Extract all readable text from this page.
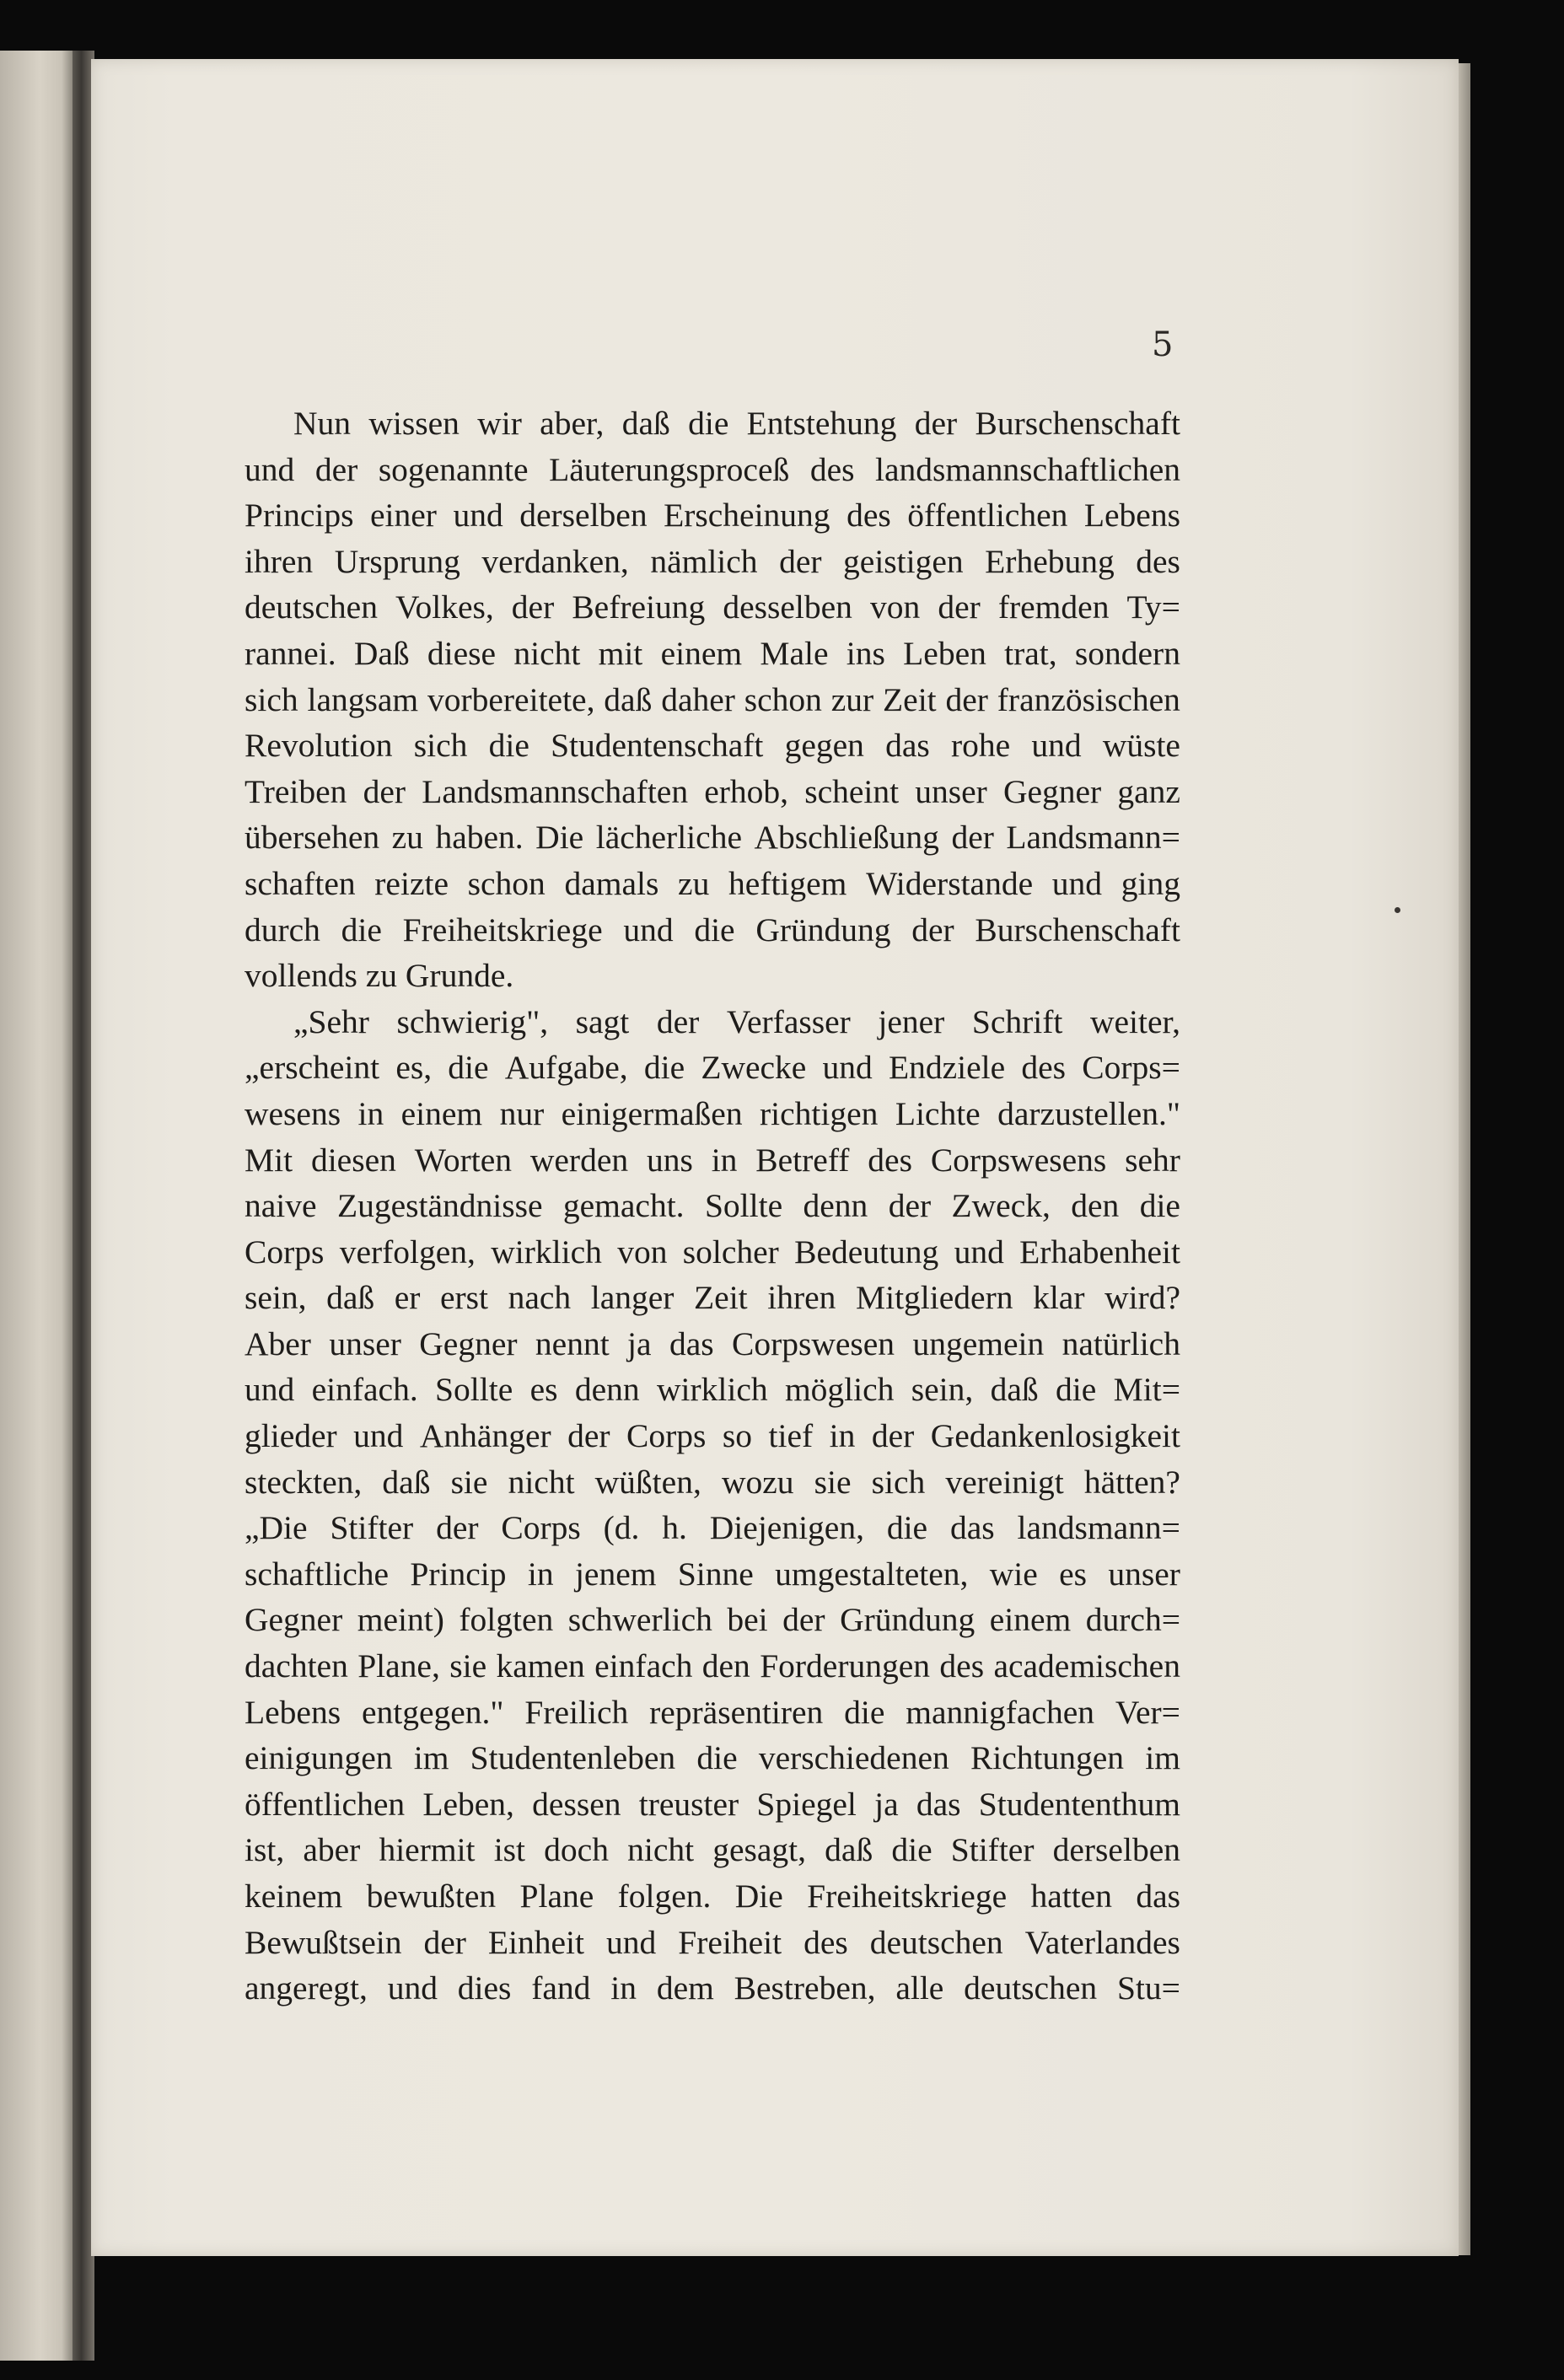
5
Nun wissen wir aber, daß die Entstehung der Burschenschaft
und der sogenannte Läuterungsproceß des landsmannschaftlichen
Princips einer und derselben Erscheinung des öffentlichen Lebens
ihren Ursprung verdanken, nämlich der geistigen Erhebung des
deutschen Volkes, der Befreiung desselben von der fremden Ty=
rannei. Daß diese nicht mit einem Male ins Leben trat, sondern
sich langsam vorbereitete, daß daher schon zur Zeit der französischen
Revolution sich die Studentenschaft gegen das rohe und wüste
Treiben der Landsmannschaften erhob, scheint unser Gegner ganz
übersehen zu haben. Die lächerliche Abschließung der Landsmann=
schaften reizte schon damals zu heftigem Widerstande und ging
durch die Freiheitskriege und die Gründung der Burschenschaft
vollends zu Grunde.
„Sehr schwierig", sagt der Verfasser jener Schrift weiter,
„erscheint es, die Aufgabe, die Zwecke und Endziele des Corps=
wesens in einem nur einigermaßen richtigen Lichte darzustellen."
Mit diesen Worten werden uns in Betreff des Corpswesens sehr
naive Zugeständnisse gemacht. Sollte denn der Zweck, den die
Corps verfolgen, wirklich von solcher Bedeutung und Erhabenheit
sein, daß er erst nach langer Zeit ihren Mitgliedern klar wird?
Aber unser Gegner nennt ja das Corpswesen ungemein natürlich
und einfach. Sollte es denn wirklich möglich sein, daß die Mit=
glieder und Anhänger der Corps so tief in der Gedankenlosigkeit
steckten, daß sie nicht wüßten, wozu sie sich vereinigt hätten?
„Die Stifter der Corps (d. h. Diejenigen, die das landsmann=
schaftliche Princip in jenem Sinne umgestalteten, wie es unser
Gegner meint) folgten schwerlich bei der Gründung einem durch=
dachten Plane, sie kamen einfach den Forderungen des academischen
Lebens entgegen." Freilich repräsentiren die mannigfachen Ver=
einigungen im Studentenleben die verschiedenen Richtungen im
öffentlichen Leben, dessen treuster Spiegel ja das Studententhum
ist, aber hiermit ist doch nicht gesagt, daß die Stifter derselben
keinem bewußten Plane folgen. Die Freiheitskriege hatten das
Bewußtsein der Einheit und Freiheit des deutschen Vaterlandes
angeregt, und dies fand in dem Bestreben, alle deutschen Stu=
